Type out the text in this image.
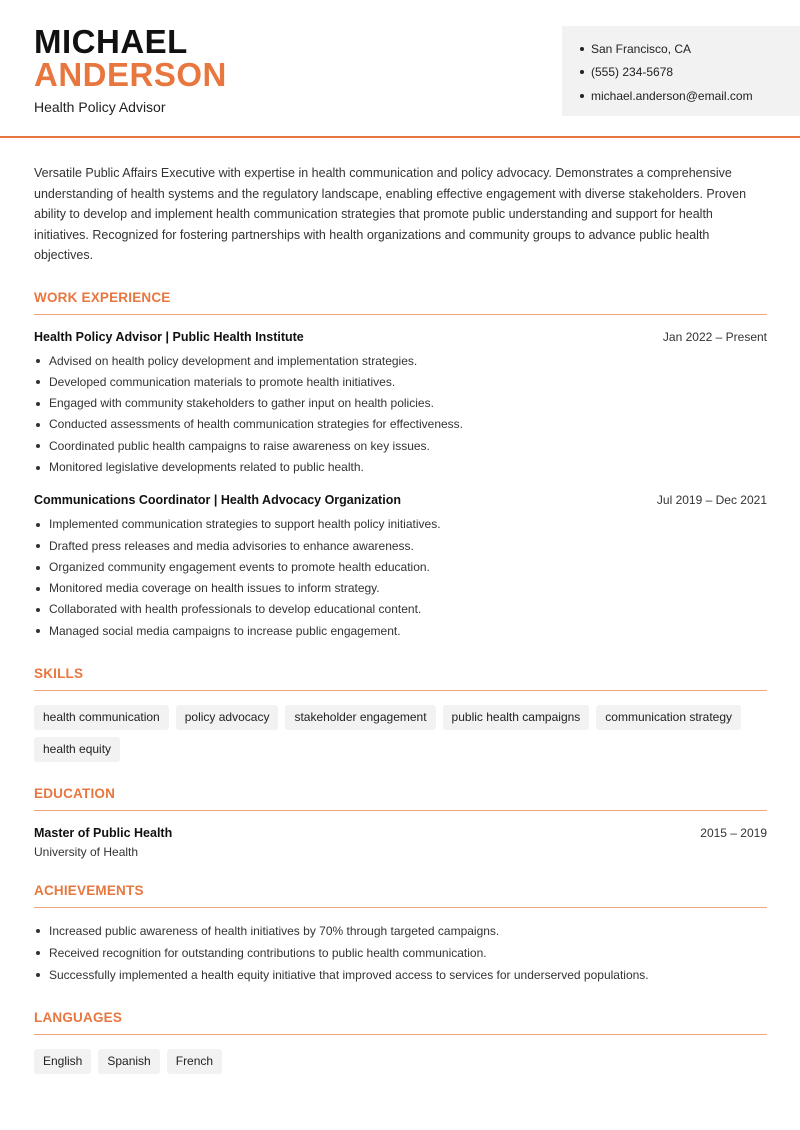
MICHAEL
ANDERSON
Health Policy Advisor
San Francisco, CA
(555) 234-5678
michael.anderson@email.com

Versatile Public Affairs Executive with expertise in health communication and policy advocacy. Demonstrates a comprehensive understanding of health systems and the regulatory landscape, enabling effective engagement with diverse stakeholders. Proven ability to develop and implement health communication strategies that promote public understanding and support for health initiatives. Recognized for fostering partnerships with health organizations and community groups to advance public health objectives.

WORK EXPERIENCE
Health Policy Advisor | Public Health Institute	Jan 2022 – Present
Advised on health policy development and implementation strategies.
Developed communication materials to promote health initiatives.
Engaged with community stakeholders to gather input on health policies.
Conducted assessments of health communication strategies for effectiveness.
Coordinated public health campaigns to raise awareness on key issues.
Monitored legislative developments related to public health.
Communications Coordinator | Health Advocacy Organization	Jul 2019 – Dec 2021
Implemented communication strategies to support health policy initiatives.
Drafted press releases and media advisories to enhance awareness.
Organized community engagement events to promote health education.
Monitored media coverage on health issues to inform strategy.
Collaborated with health professionals to develop educational content.
Managed social media campaigns to increase public engagement.
SKILLS
health communication	policy advocacy	stakeholder engagement	public health campaigns	communication strategy
health equity
EDUCATION
Master of Public Health	2015 – 2019
University of Health
ACHIEVEMENTS
Increased public awareness of health initiatives by 70% through targeted campaigns.
Received recognition for outstanding contributions to public health communication.
Successfully implemented a health equity initiative that improved access to services for underserved populations.
LANGUAGES
English	Spanish	French
